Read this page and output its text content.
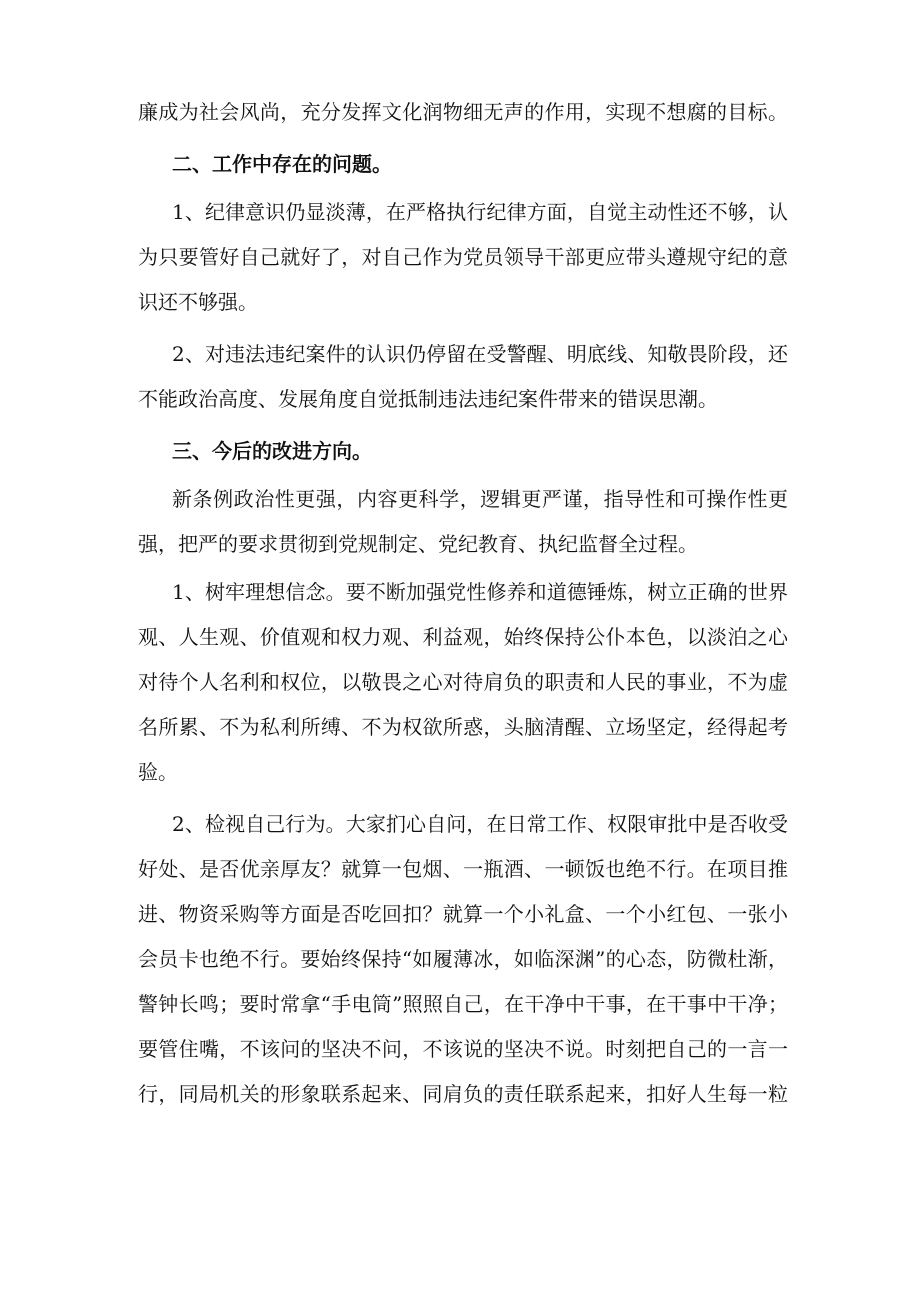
廉成为社会风尚，充分发挥文化润物细无声的作用，实现不想腐的目标。
二、工作中存在的问题。
1、纪律意识仍显淡薄，在严格执行纪律方面，自觉主动性还不够，认
为只要管好自己就好了，对自己作为党员领导干部更应带头遵规守纪的意
识还不够强。
2、对违法违纪案件的认识仍停留在受警醒、明底线、知敬畏阶段，还
不能政治高度、发展角度自觉抵制违法违纪案件带来的错误思潮。
三、今后的改进方向。
新条例政治性更强，内容更科学，逻辑更严谨，指导性和可操作性更
强，把严的要求贯彻到党规制定、党纪教育、执纪监督全过程。
1、树牢理想信念。要不断加强党性修养和道德锤炼，树立正确的世界
观、人生观、价值观和权力观、利益观，始终保持公仆本色，以淡泊之心
对待个人名利和权位，以敬畏之心对待肩负的职责和人民的事业，不为虚
名所累、不为私利所缚、不为权欲所惑，头脑清醒、立场坚定，经得起考
验。
2、检视自己行为。大家扪心自问，在日常工作、权限审批中是否收受
好处、是否优亲厚友？就算一包烟、一瓶酒、一顿饭也绝不行。在项目推
进、物资采购等方面是否吃回扣？就算一个小礼盒、一个小红包、一张小
会员卡也绝不行。要始终保持“如履薄冰，如临深渊”的心态，防微杜渐，
警钟长鸣；要时常拿“手电筒”照照自己，在干净中干事，在干事中干净；
要管住嘴，不该问的坚决不问，不该说的坚决不说。时刻把自己的一言一
行，同局机关的形象联系起来、同肩负的责任联系起来，扣好人生每一粒
